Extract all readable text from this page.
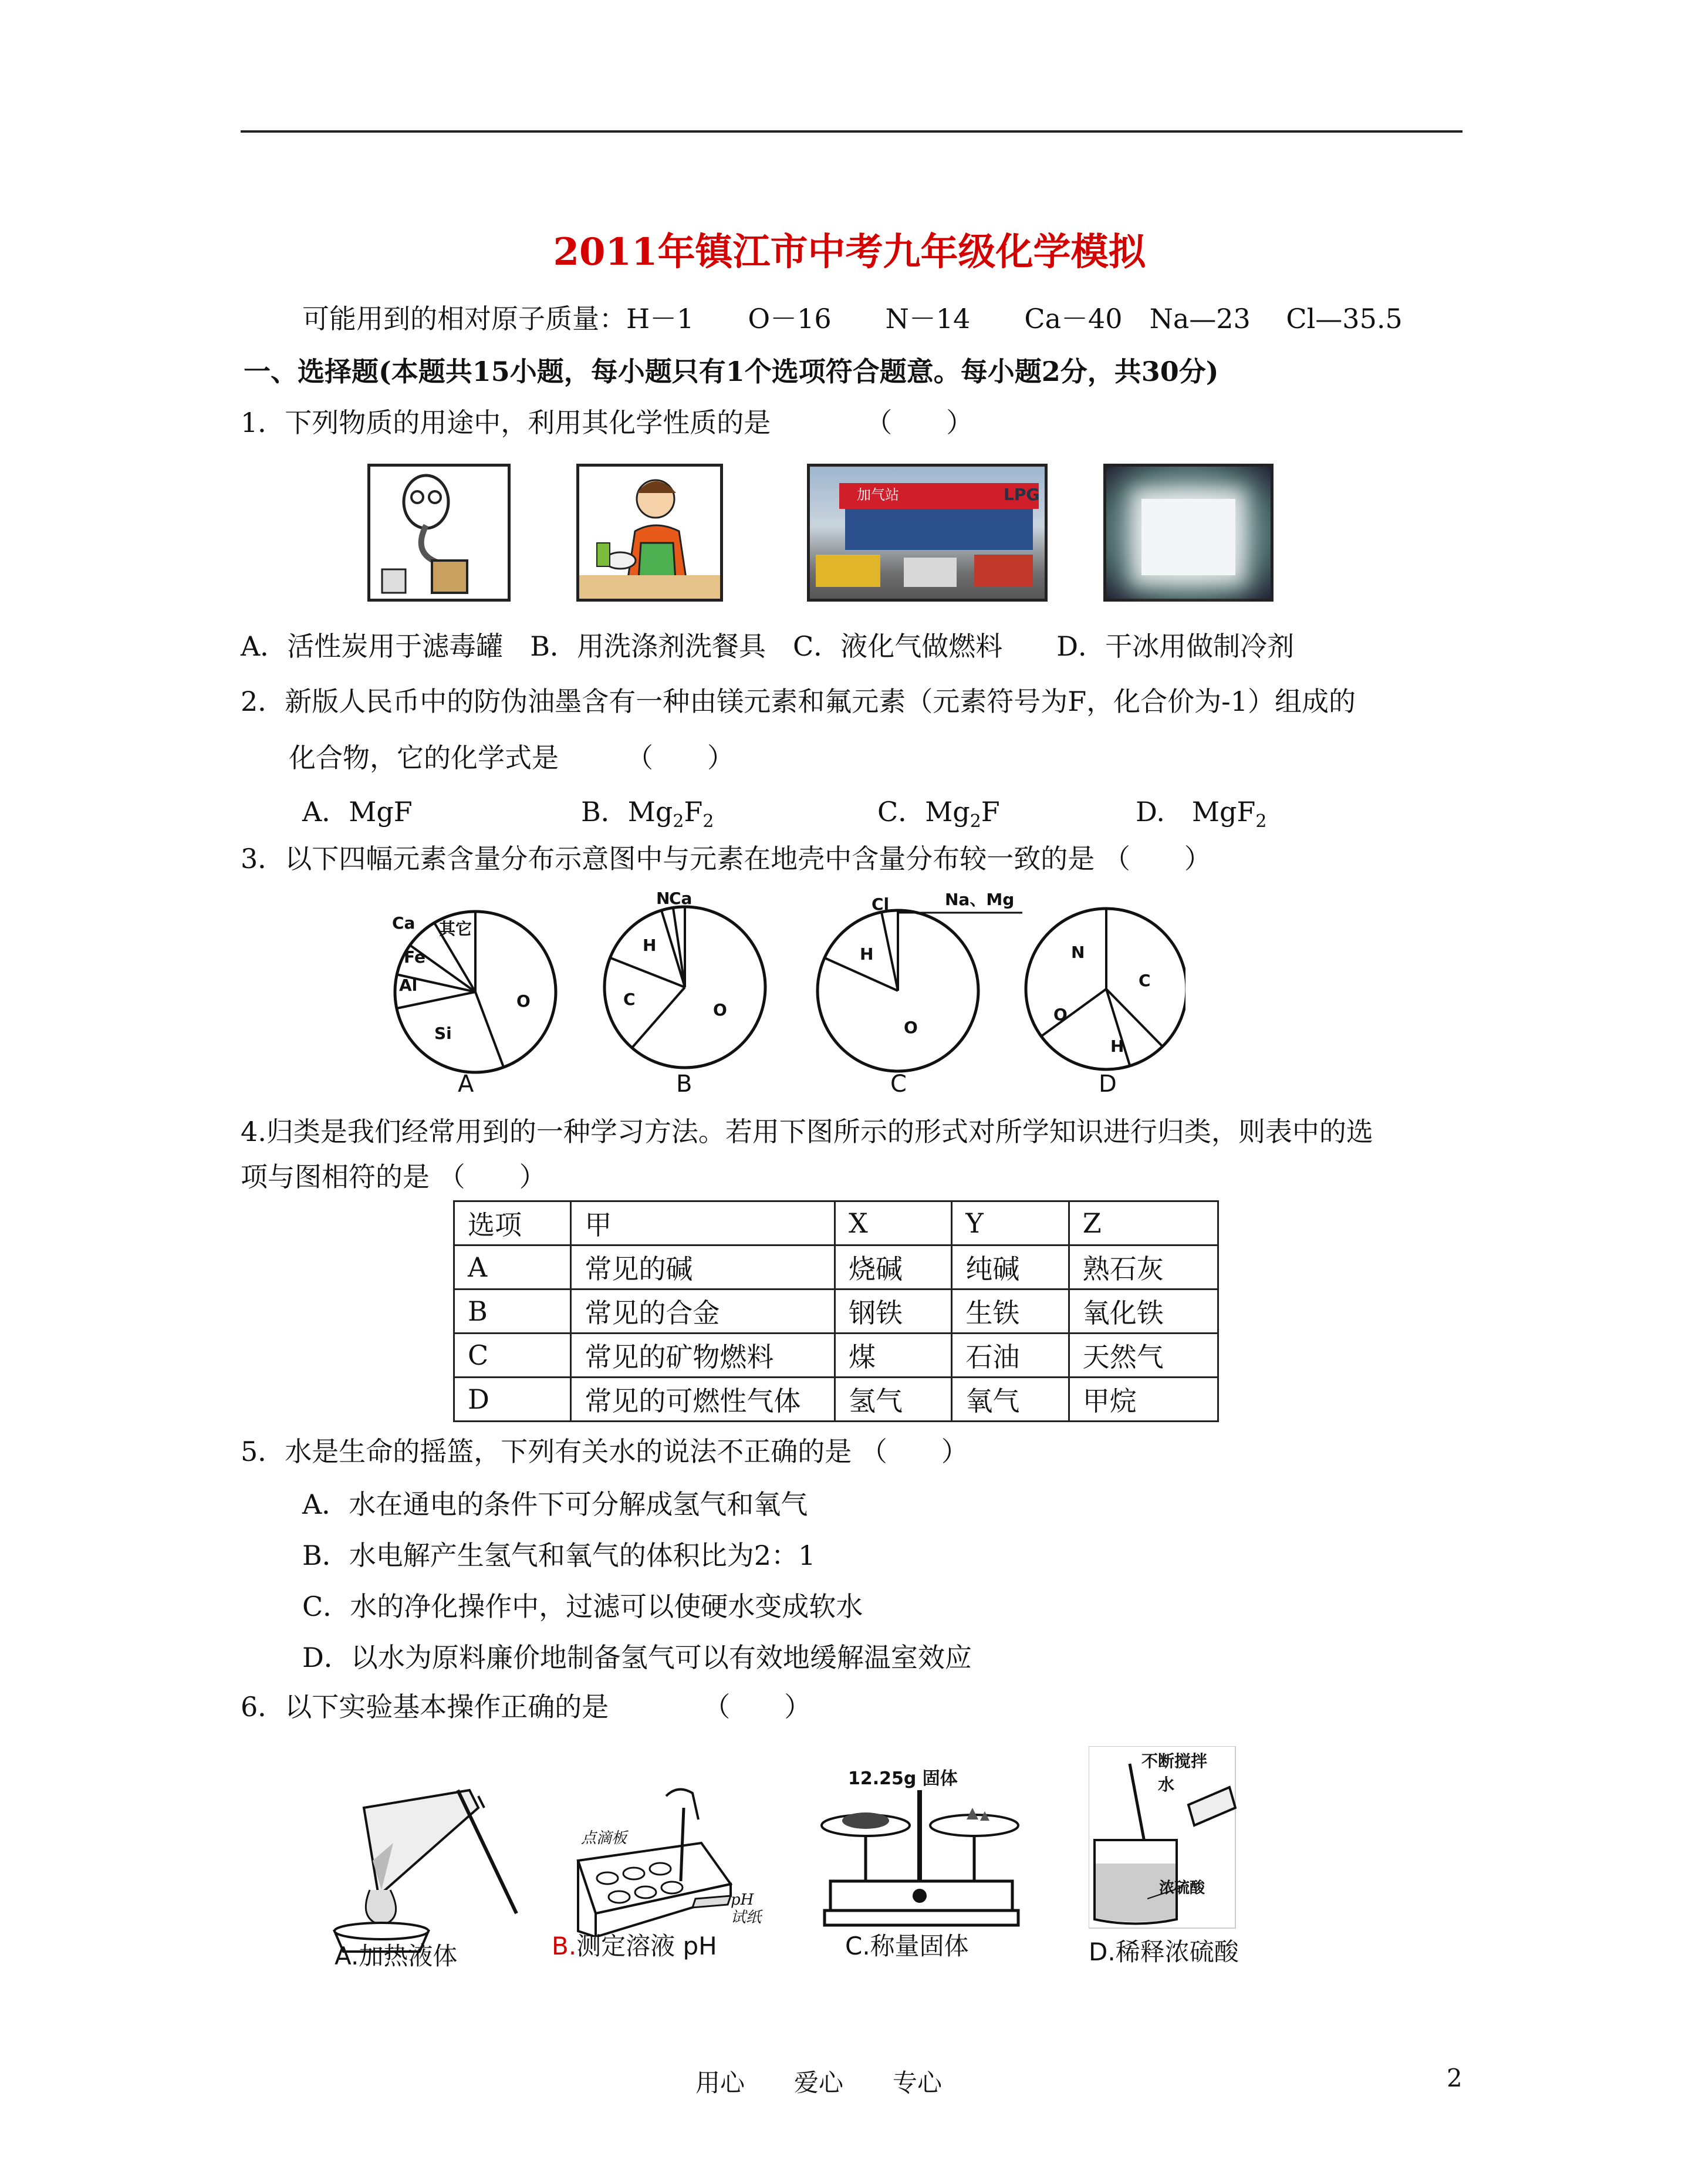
2011年镇江市中考九年级化学模拟
可能用到的相对原子质量：H－1　　O－16　　N－14　　Ca－40　Na—23　 Cl—35.5
一、选择题(本题共15小题，每小题只有1个选项符合题意。每小题2分，共30分)
1．下列物质的用途中，利用其化学性质的是　　　　（　　）
加气站	LPG
A．活性炭用于滤毒罐　B．用洗涤剂洗餐具　C．液化气做燃料　　D．干冰用做制冷剂
2．新版人民币中的防伪油墨含有一种由镁元素和氟元素（元素符号为F，化合价为-1）组成的
化合物，它的化学式是　　　（　　）
A．MgF	B．$Mg_2F_2$	C．$Mg_2F$	D.　MgF$_2$
3．以下四幅元素含量分布示意图中与元素在地壳中含量分布较一致的是 （　　）
Ca 其它
Fe
Al
Si
O
A
N
Ca
H
C
O
B
Cl	Na、Mg
H
O
C
N
C
O
H
D
4.归类是我们经常用到的一种学习方法。若用下图所示的形式对所学知识进行归类，则表中的选
项与图相符的是 （　　）
选项	甲	X	Y	Z
A	常见的碱	烧碱	纯碱	熟石灰
B	常见的合金	钢铁	生铁	氧化铁
C	常见的矿物燃料	煤	石油	天然气
D	常见的可燃性气体	氢气	氧气	甲烷
5．水是生命的摇篮，下列有关水的说法不正确的是 （　　）
A．水在通电的条件下可分解成氢气和氧气
B．水电解产生氢气和氧气的体积比为2：1
C．水的净化操作中，过滤可以使硬水变成软水
D．以水为原料廉价地制备氢气可以有效地缓解温室效应
6．以下实验基本操作正确的是　　　　（　　）
A.加热液体
点滴板
pH
试纸
B.测定溶液 pH
12.25g 固体
C.称量固体
不断搅拌
水
浓硫酸
D.稀释浓硫酸
用心　　爱心　　专心	2
